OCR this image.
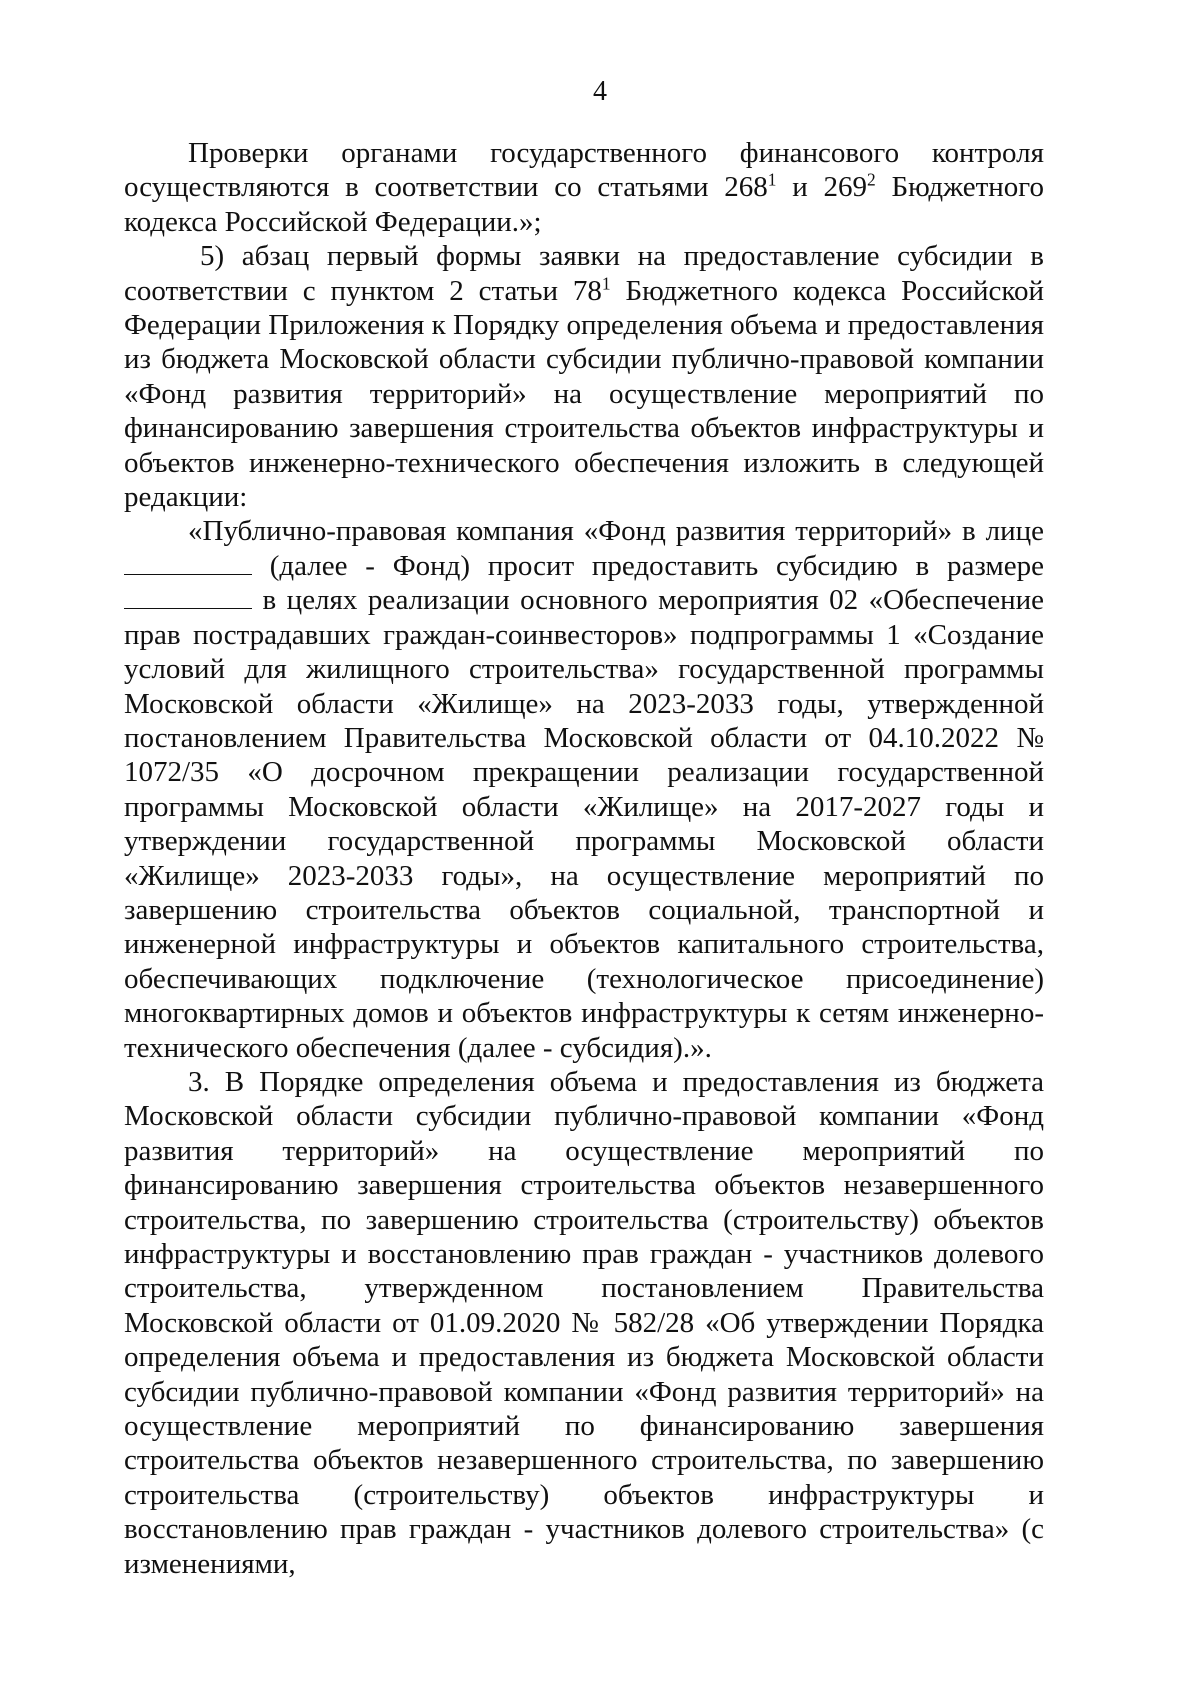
4

Проверки органами государственного финансового контроля осуществляются в соответствии со статьями $268^1$ и $269^2$ Бюджетного кодекса Российской Федерации.»;

5) абзац первый формы заявки на предоставление субсидии в соответствии с пунктом 2 статьи $78^1$ Бюджетного кодекса Российской Федерации Приложения к Порядку определения объема и предоставления из бюджета Московской области субсидии публично-правовой компании «Фонд развития территорий» на осуществление мероприятий по финансированию завершения строительства объектов инфраструктуры и объектов инженерно-технического обеспечения изложить в следующей редакции:

«Публично-правовая компания «Фонд развития территорий» в лице  (далее - Фонд) просит предоставить субсидию в размере  в целях реализации основного мероприятия 02 «Обеспечение прав пострадавших граждан-соинвесторов» подпрограммы 1 «Создание условий для жилищного строительства» государственной программы Московской области «Жилище» на 2023-2033 годы, утвержденной постановлением Правительства Московской области от 04.10.2022 № 1072/35 «О досрочном прекращении реализации государственной программы Московской области «Жилище» на 2017-2027 годы и утверждении государственной программы Московской области «Жилище» 2023-2033 годы», на осуществление мероприятий по завершению строительства объектов социальной, транспортной и инженерной инфраструктуры и объектов капитального строительства, обеспечивающих подключение (технологическое присоединение) многоквартирных домов и объектов инфраструктуры к сетям инженерно-технического обеспечения (далее - субсидия).».

3. В Порядке определения объема и предоставления из бюджета Московской области субсидии публично-правовой компании «Фонд развития территорий» на осуществление мероприятий по финансированию завершения строительства объектов незавершенного строительства, по завершению строительства (строительству) объектов инфраструктуры и восстановлению прав граждан - участников долевого строительства, утвержденном постановлением Правительства Московской области от 01.09.2020 № 582/28 «Об утверждении Порядка определения объема и предоставления из бюджета Московской области субсидии публично-правовой компании «Фонд развития территорий» на осуществление мероприятий по финансированию завершения строительства объектов незавершенного строительства, по завершению строительства (строительству) объектов инфраструктуры и восстановлению прав граждан - участников долевого строительства» (с изменениями,
